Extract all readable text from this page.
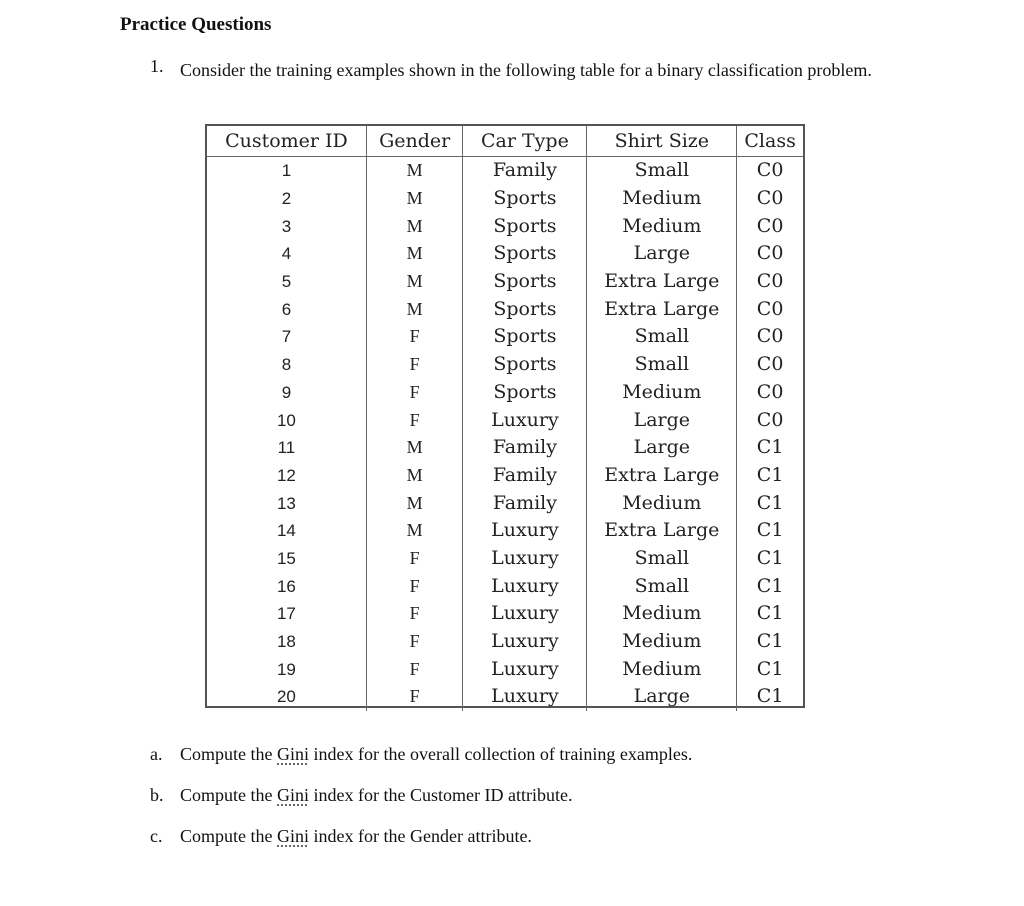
Practice Questions
1. Consider the training examples shown in the following table for a binary classification problem.
Customer ID	Gender	Car Type	Shirt Size	Class
1	M	Family	Small	C0
2	M	Sports	Medium	C0
3	M	Sports	Medium	C0
4	M	Sports	Large	C0
5	M	Sports	Extra Large	C0
6	M	Sports	Extra Large	C0
7	F	Sports	Small	C0
8	F	Sports	Small	C0
9	F	Sports	Medium	C0
10	F	Luxury	Large	C0
11	M	Family	Large	C1
12	M	Family	Extra Large	C1
13	M	Family	Medium	C1
14	M	Luxury	Extra Large	C1
15	F	Luxury	Small	C1
16	F	Luxury	Small	C1
17	F	Luxury	Medium	C1
18	F	Luxury	Medium	C1
19	F	Luxury	Medium	C1
20	F	Luxury	Large	C1
a. Compute the Gini index for the overall collection of training examples.
b. Compute the Gini index for the Customer ID attribute.
c. Compute the Gini index for the Gender attribute.
